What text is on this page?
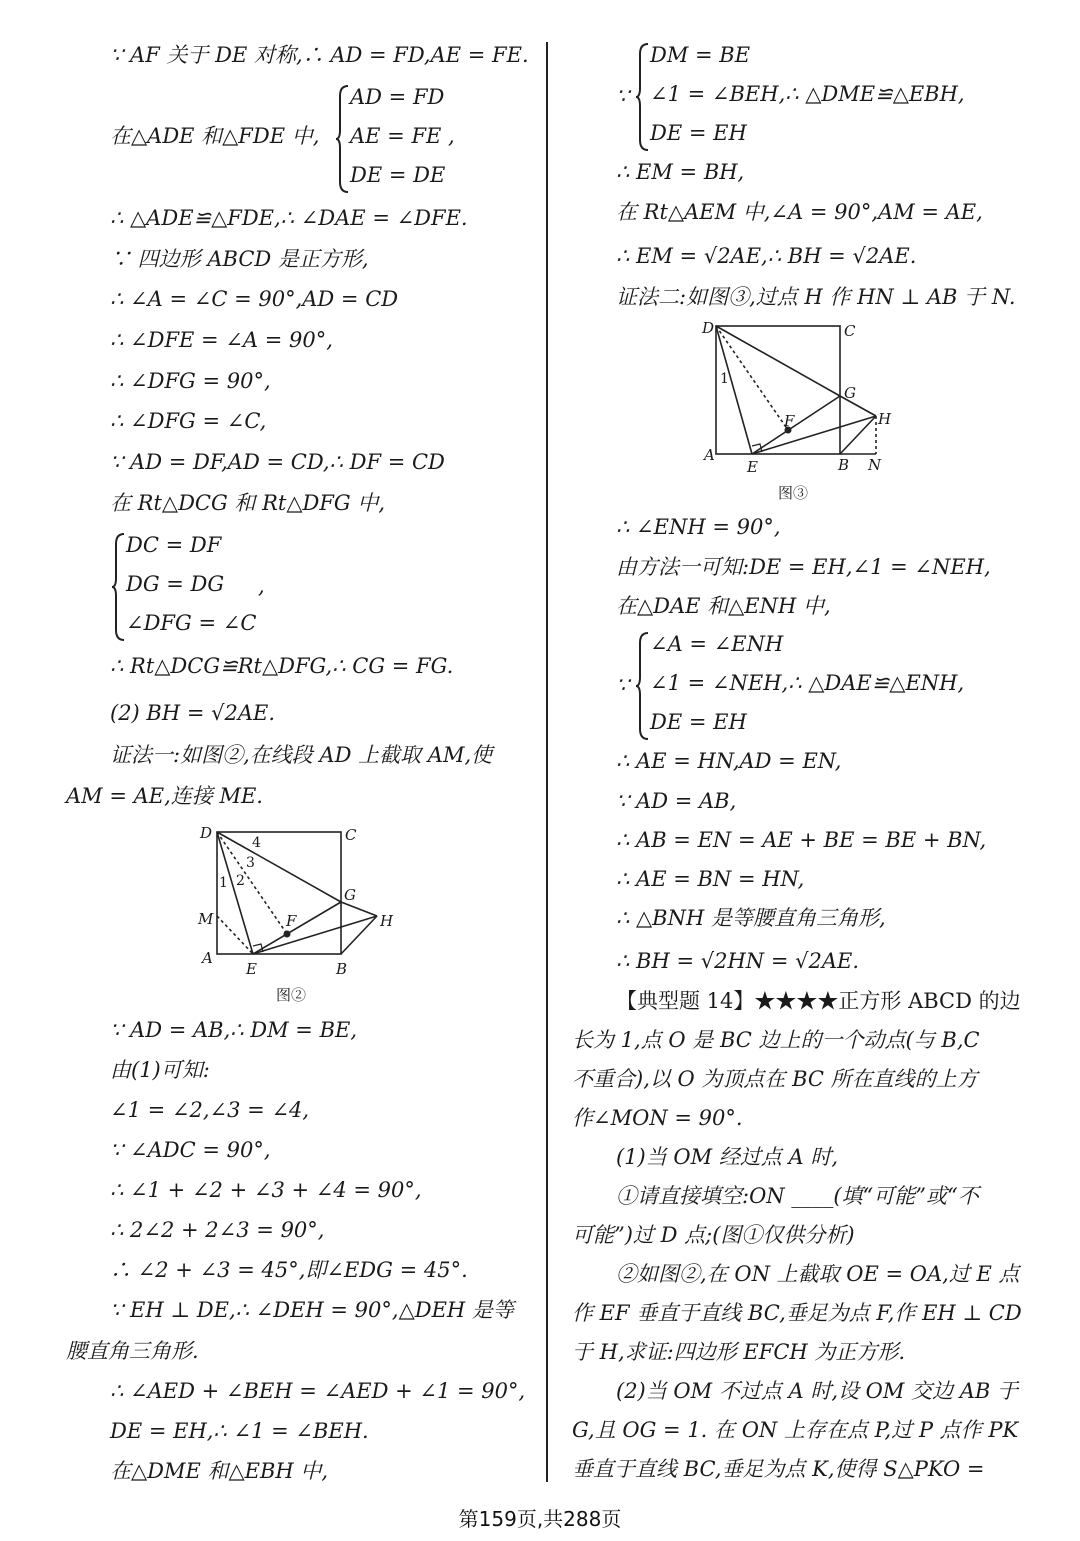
∵ AF 关于 DE 对称,∴ AD = FD,AE = FE.
在△ADE 和△FDE 中,
AD = FD
AE = FE ,
DE = DE
∴ △ADE≌△FDE,∴ ∠DAE = ∠DFE.
∵ 四边形 ABCD 是正方形,
∴ ∠A = ∠C = 90°,AD = CD
∴ ∠DFE = ∠A = 90°,
∴ ∠DFG = 90°,
∴ ∠DFG = ∠C,
∵ AD = DF,AD = CD,∴ DF = CD
在 Rt△DCG 和 Rt△DFG 中,
DC = DF
DG = DG ,
∠DFG = ∠C
∴ Rt△DCG≌Rt△DFG,∴ CG = FG.
(2) BH = √2AE.
证法一:如图②,在线段 AD 上截取 AM,使
AM = AE,连接 ME.
D	C
M
A
E	B
G
H
F
1 2
3
4
图②
∵ AD = AB,∴ DM = BE,
由(1)可知:
∠1 = ∠2,∠3 = ∠4,
∵ ∠ADC = 90°,
∴ ∠1 + ∠2 + ∠3 + ∠4 = 90°,
∴ 2∠2 + 2∠3 = 90°,
∴ ∠2 + ∠3 = 45°,即∠EDG = 45°.
∵ EH ⊥ DE,∴ ∠DEH = 90°,△DEH 是等
腰直角三角形.
∴ ∠AED + ∠BEH = ∠AED + ∠1 = 90°,
DE = EH,∴ ∠1 = ∠BEH.
在△DME 和△EBH 中,
DM = BE
∵ ∠1 = ∠BEH,∴ △DME≌△EBH,
DE = EH
∴ EM = BH,
在 Rt△AEM 中,∠A = 90°,AM = AE,
∴ EM = √2AE,∴ BH = √2AE.
证法二:如图③,过点 H 作 HN ⊥ AB 于 N.
D	C
G
H
F
1
A
E	B N
图③
∴ ∠ENH = 90°,
由方法一可知:DE = EH,∠1 = ∠NEH,
在△DAE 和△ENH 中,
∠A = ∠ENH
∵ ∠1 = ∠NEH,∴ △DAE≌△ENH,
DE = EH
∴ AE = HN,AD = EN,
∵ AD = AB,
∴ AB = EN = AE + BE = BE + BN,
∴ AE = BN = HN,
∴ △BNH 是等腰直角三角形,
∴ BH = √2HN = √2AE.
【典型题 14】★★★★正方形 ABCD 的边
长为 1,点 O 是 BC 边上的一个动点(与 B,C
不重合),以 O 为顶点在 BC 所在直线的上方
作∠MON = 90°.
(1)当 OM 经过点 A 时,
①请直接填空:ON ____(填“可能”或“不
可能”)过 D 点;(图①仅供分析)
②如图②,在 ON 上截取 OE = OA,过 E 点
作 EF 垂直于直线 BC,垂足为点 F,作 EH ⊥ CD
于 H,求证:四边形 EFCH 为正方形.
(2)当 OM 不过点 A 时,设 OM 交边 AB 于
G,且 OG = 1. 在 ON 上存在点 P,过 P 点作 PK
垂直于直线 BC,垂足为点 K,使得 S△PKO =
第159页,共288页
